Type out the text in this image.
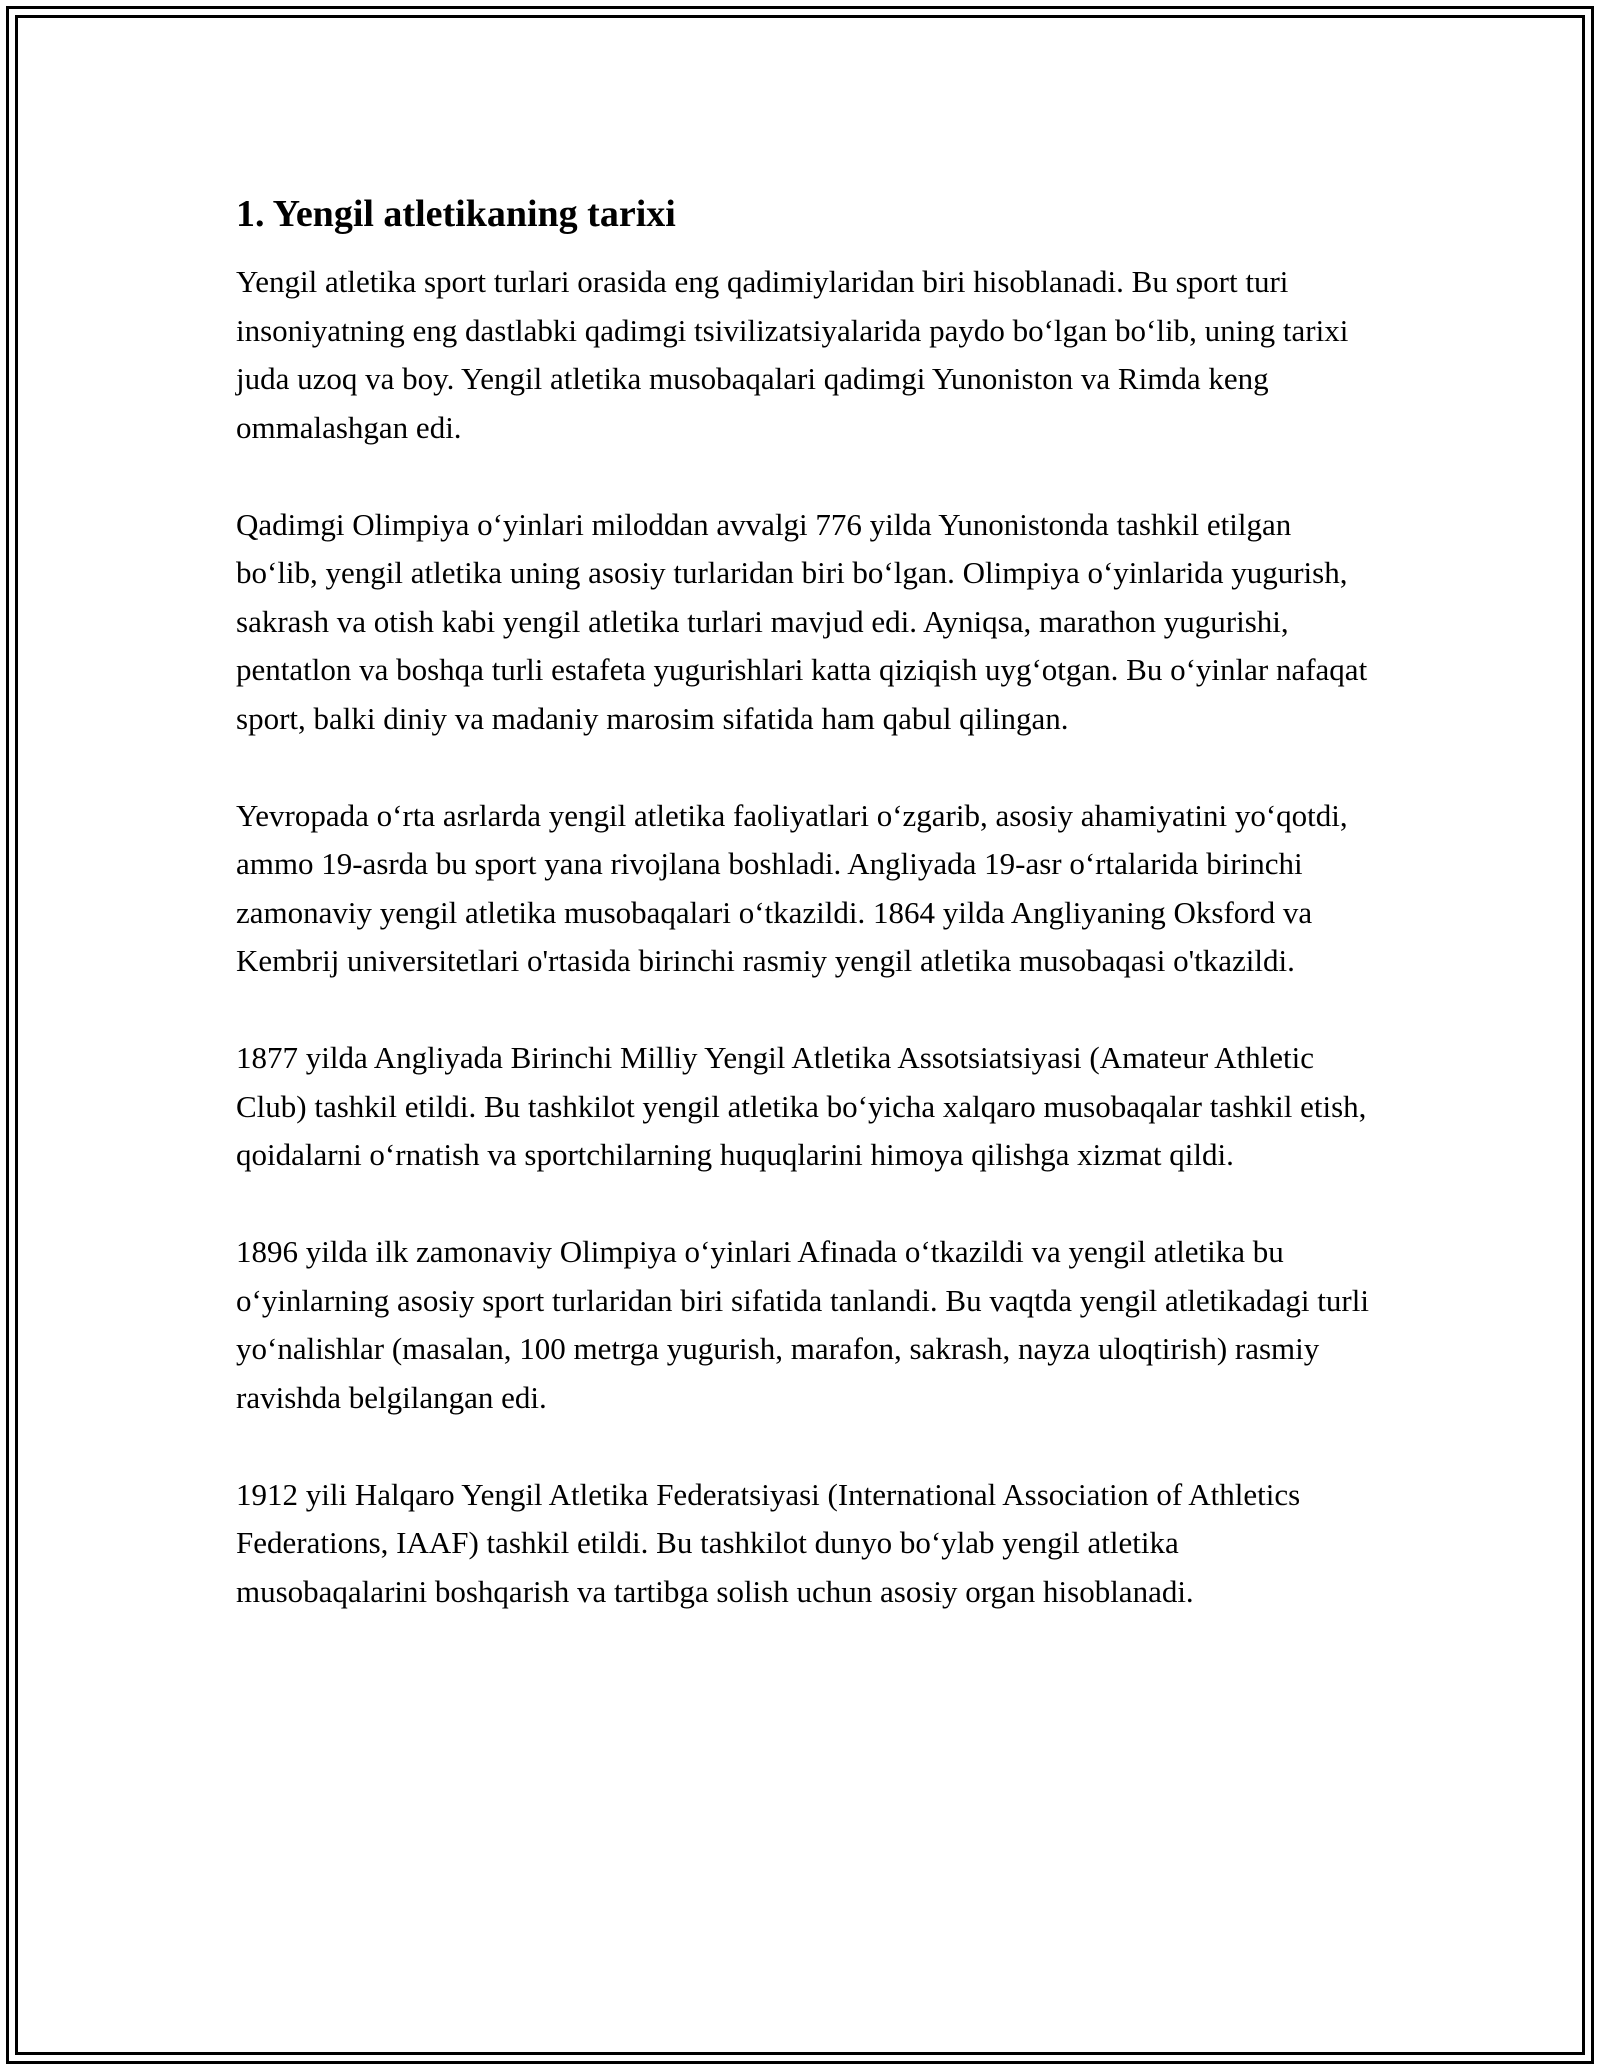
1. Yengil atletikaning tarixi

Yengil atletika sport turlari orasida eng qadimiylaridan biri hisoblanadi. Bu sport turi insoniyatning eng dastlabki qadimgi tsivilizatsiyalarida paydo bo‘lgan bo‘lib, uning tarixi juda uzoq va boy. Yengil atletika musobaqalari qadimgi Yunoniston va Rimda keng ommalashgan edi.

Qadimgi Olimpiya o‘yinlari miloddan avvalgi 776 yilda Yunonistonda tashkil etilgan bo‘lib, yengil atletika uning asosiy turlaridan biri bo‘lgan. Olimpiya o‘yinlarida yugurish, sakrash va otish kabi yengil atletika turlari mavjud edi. Ayniqsa, marathon yugurishi, pentatlon va boshqa turli estafeta yugurishlari katta qiziqish uyg‘otgan. Bu o‘yinlar nafaqat sport, balki diniy va madaniy marosim sifatida ham qabul qilingan.

Yevropada o‘rta asrlarda yengil atletika faoliyatlari o‘zgarib, asosiy ahamiyatini yo‘qotdi, ammo 19-asrda bu sport yana rivojlana boshladi. Angliyada 19-asr o‘rtalarida birinchi zamonaviy yengil atletika musobaqalari o‘tkazildi. 1864 yilda Angliyaning Oksford va Kembrij universitetlari o'rtasida birinchi rasmiy yengil atletika musobaqasi o'tkazildi.

1877 yilda Angliyada Birinchi Milliy Yengil Atletika Assotsiatsiyasi (Amateur Athletic Club) tashkil etildi. Bu tashkilot yengil atletika bo‘yicha xalqaro musobaqalar tashkil etish, qoidalarni o‘rnatish va sportchilarning huquqlarini himoya qilishga xizmat qildi.

1896 yilda ilk zamonaviy Olimpiya o‘yinlari Afinada o‘tkazildi va yengil atletika bu o‘yinlarning asosiy sport turlaridan biri sifatida tanlandi. Bu vaqtda yengil atletikadagi turli yo‘nalishlar (masalan, 100 metrga yugurish, marafon, sakrash, nayza uloqtirish) rasmiy ravishda belgilangan edi.

1912 yili Halqaro Yengil Atletika Federatsiyasi (International Association of Athletics Federations, IAAF) tashkil etildi. Bu tashkilot dunyo bo‘ylab yengil atletika musobaqalarini boshqarish va tartibga solish uchun asosiy organ hisoblanadi.
